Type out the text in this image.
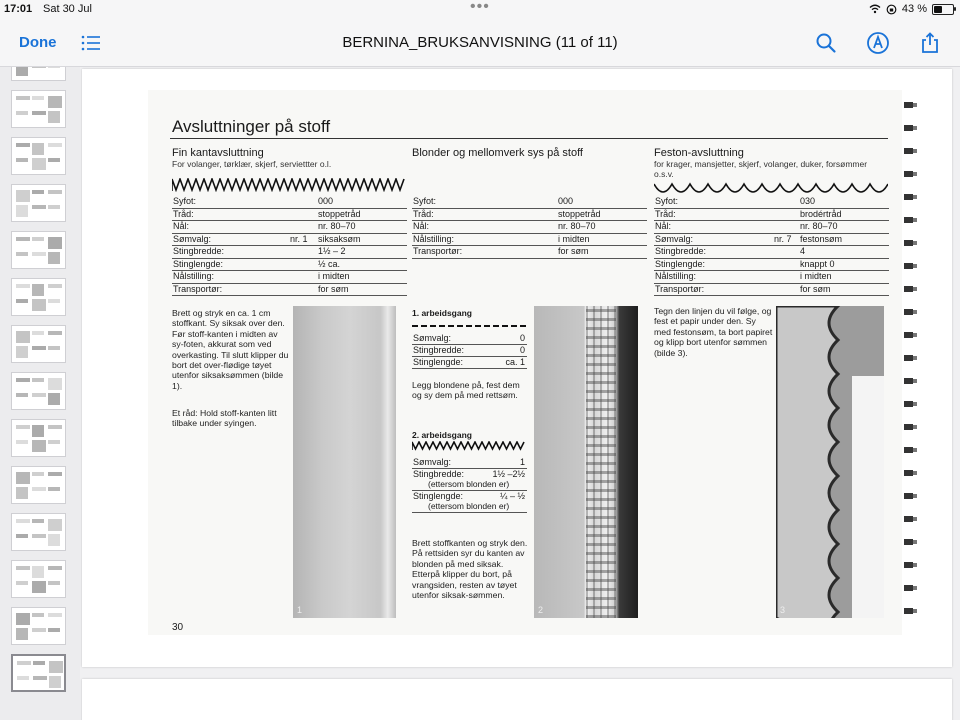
17:01 Sat 30 Jul	•••	43 %
Done	BERNINA_BRUKSANVISNING (11 of 11)
Avsluttninger på stoff
Fin kantavsluttning
For volanger, tørklær, skjerf, serviettter o.l.
Syfot:	000
Tråd:	stoppetråd
Nål:	nr. 80–70
Sømvalg:	nr. 1 siksaksøm
Stingbredde:	1½ – 2
Stinglengde:	½ ca.
Nålstilling:	i midten
Transportør:	for søm
Brett og stryk en ca. 1 cm stoffkant. Sy siksak over den. Før stoff-kanten i midten av sy-foten, akkurat som ved overkasting. Til slutt klipper du bort det over-flødige tøyet utenfor siksaksømmen (bilde 1).
Et råd: Hold stoff-kanten litt tilbake under syingen.
1
Blonder og mellomverk sys på stoff
Syfot:	000
Tråd:	stoppetråd
Nål:	nr. 80–70
Nålstilling:	i midten
Transportør:	for søm
1. arbeidsgang
Sømvalg:	0
Stingbredde:	0
Stinglengde:	ca. 1
Legg blondene på, fest dem og sy dem på med rettsøm.
2. arbeidsgang
Sømvalg:	1
Stingbredde:	1½ –2½
(ettersom blonden er)
Stinglengde:	¼ – ½
(ettersom blonden er)
Brett stoffkanten og stryk den. På rettsiden syr du kanten av blonden på med siksak. Etterpå klipper du bort, på vrangsiden, resten av tøyet utenfor siksak-sømmen.
2
Feston-avsluttning
for krager, mansjetter, skjerf, volanger, duker, forsømmer o.s.v.
Syfot:	030
Tråd:	brodértråd
Nål:	nr. 80–70
Sømvalg:	nr. 7 festonsøm
Stingbredde:	4
Stinglengde:	knappt 0
Nålstilling:	i midten
Transportør:	for søm
Tegn den linjen du vil følge, og fest et papir under den. Sy med festonsøm, ta bort papiret og klipp bort utenfor sømmen (bilde 3).
3
30
